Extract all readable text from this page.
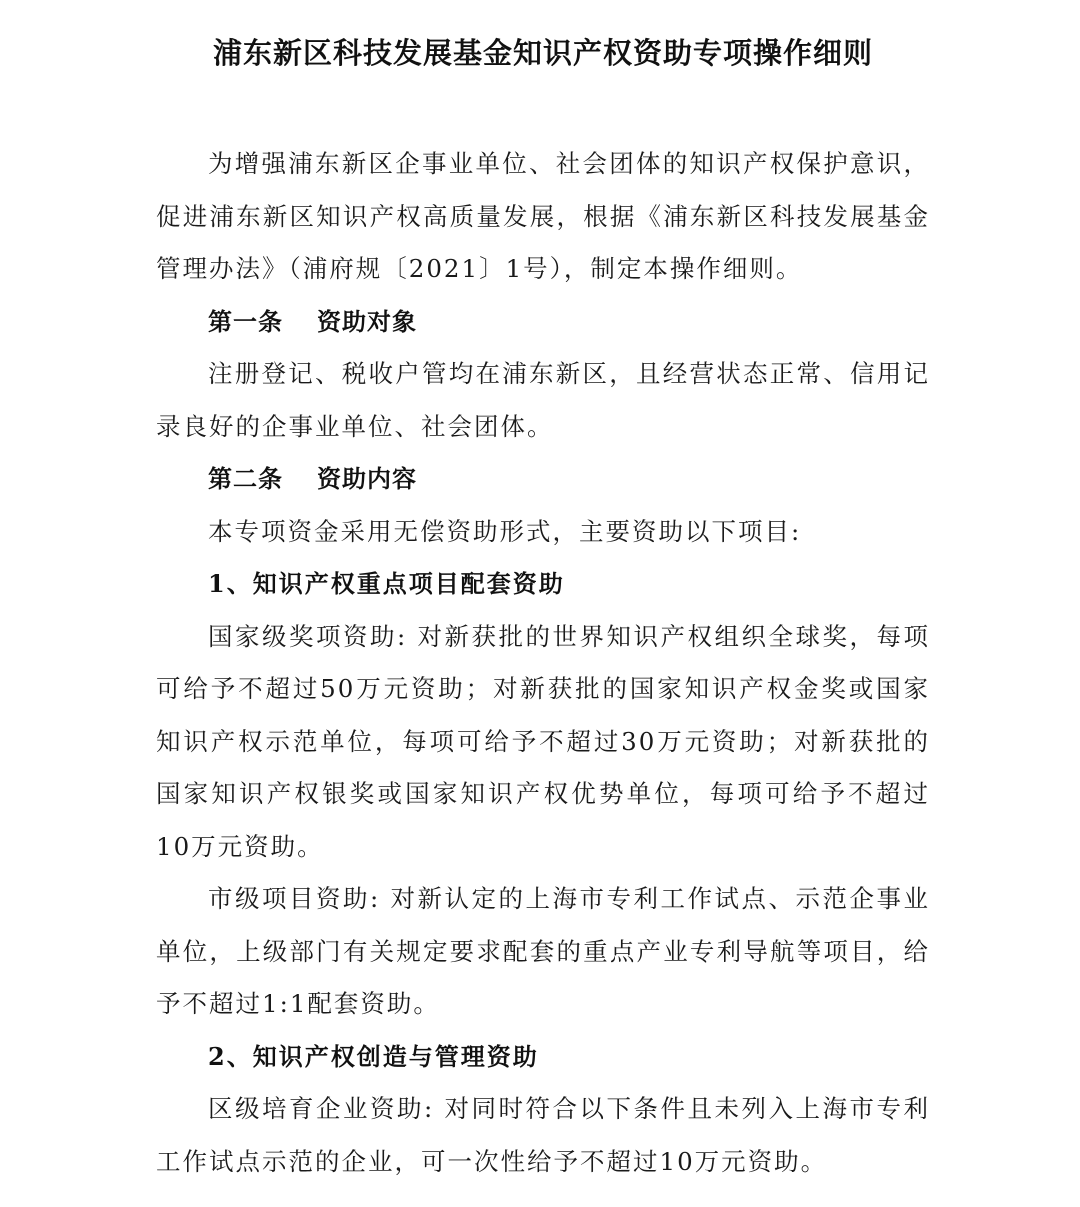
浦东新区科技发展基金知识产权资助专项操作细则

为增强浦东新区企事业单位、社会团体的知识产权保护意识，促进浦东新区知识产权高质量发展，根据《浦东新区科技发展基金管理办法》（浦府规〔2021〕1号），制定本操作细则。

第一条 资助对象

注册登记、税收户管均在浦东新区，且经营状态正常、信用记录良好的企事业单位、社会团体。

第二条 资助内容

本专项资金采用无偿资助形式，主要资助以下项目:

1、知识产权重点项目配套资助

国家级奖项资助: 对新获批的世界知识产权组织全球奖，每项可给予不超过50万元资助；对新获批的国家知识产权金奖或国家知识产权示范单位，每项可给予不超过30万元资助；对新获批的国家知识产权银奖或国家知识产权优势单位，每项可给予不超过10万元资助。

市级项目资助: 对新认定的上海市专利工作试点、示范企事业单位，上级部门有关规定要求配套的重点产业专利导航等项目，给予不超过1:1配套资助。

2、知识产权创造与管理资助

区级培育企业资助: 对同时符合以下条件且未列入上海市专利工作试点示范的企业，可一次性给予不超过10万元资助。
